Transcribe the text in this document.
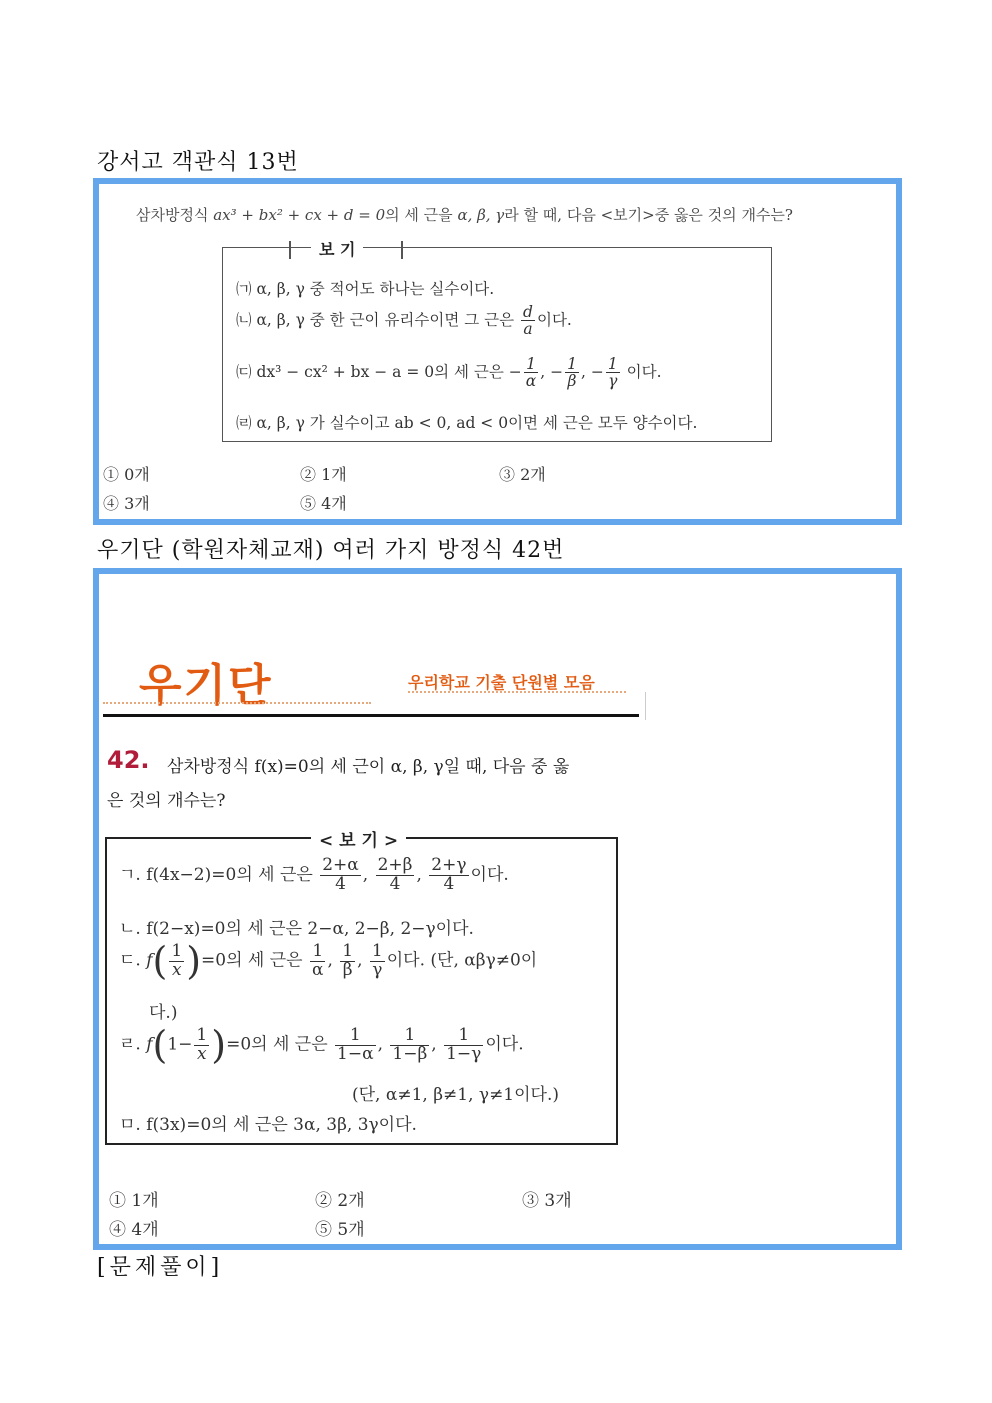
강서고 객관식 13번
삼차방정식 ax³ + bx² + cx + d = 0의 세 근을 α, β, γ라 할 때, 다음 <보기>중 옳은 것의 개수는?
보 기
㈀ α, β, γ 중 적어도 하나는 실수이다.
㈁ α, β, γ 중 한 근이 유리수이면 그 근은 $\frac{d}{a}$ 이다.
㈂ dx³ − cx² + bx − a = 0의 세 근은 − $\frac{1}{\alpha}$ , − $\frac{1}{\beta}$ , − $\frac{1}{\gamma}$ 이다.
㈃ α, β, γ 가 실수이고 ab < 0, ad < 0이면 세 근은 모두 양수이다.
① 0개	② 1개	③ 2개
④ 3개	⑤ 4개
우기단 (학원자체교재) 여러 가지 방정식 42번
우기단	우리학교 기출 단원별 모음
42. 삼차방정식 f(x)=0의 세 근이 α, β, γ일 때, 다음 중 옳
은 것의 개수는?
< 보 기 >
ㄱ. f(4x−2)=0의 세 근은 $\frac{2+\alpha}{4}$ , $\frac{2+\beta}{4}$ , $\frac{2+\gamma}{4}$ 이다.
ㄴ. f(2−x)=0의 세 근은 2−α, 2−β, 2−γ이다.
ㄷ. $f( \frac{1}{x} )=0$의 세 근은 $\frac{1}{\alpha}$ , $\frac{1}{\beta}$ , $\frac{1}{\gamma}$ 이다. (단, αβγ≠0이
다.)
ㄹ. $f(1- \frac{1}{x} )=0$의 세 근은 $\frac{1}{1-\alpha}$ , $\frac{1}{1-\beta}$ , $\frac{1}{1-\gamma}$ 이다.
(단, α≠1, β≠1, γ≠1이다.)
ㅁ. f(3x)=0의 세 근은 3α, 3β, 3γ이다.
① 1개	② 2개	③ 3개
④ 4개	⑤ 5개
[문제풀이]
